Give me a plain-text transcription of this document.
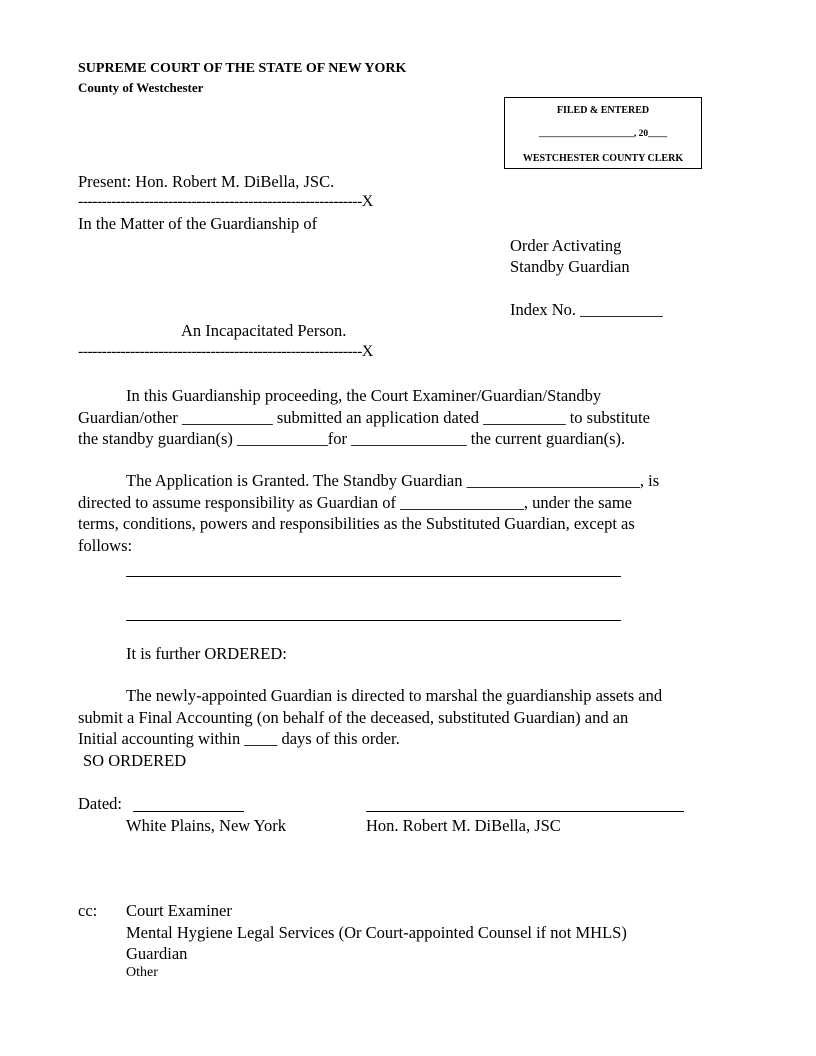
SUPREME COURT OF THE STATE OF NEW YORK
County of Westchester
FILED & ENTERED
____________________, 20____
WESTCHESTER COUNTY CLERK
Present: Hon. Robert M. DiBella, JSC.
------------------------------------------------------------X
In the Matter of the Guardianship of
Order Activating
Standby Guardian
Index No. __________
An Incapacitated Person.
------------------------------------------------------------X
In this Guardianship proceeding, the Court Examiner/Guardian/Standby
Guardian/other ___________ submitted an application dated __________ to substitute
the standby guardian(s) ___________for ______________ the current guardian(s).
The Application is Granted. The Standby Guardian _____________________, is
directed to assume responsibility as Guardian of _______________, under the same
terms, conditions, powers and responsibilities as the Substituted Guardian, except as
follows:
It is further ORDERED:
The newly-appointed Guardian is directed to marshal the guardianship assets and
submit a Final Accounting (on behalf of the deceased, substituted Guardian) and an
Initial accounting within ____ days of this order.
SO ORDERED
Dated:
White Plains, New York	Hon. Robert M. DiBella, JSC
cc: Court Examiner
Mental Hygiene Legal Services (Or Court-appointed Counsel if not MHLS)
Guardian
Other
